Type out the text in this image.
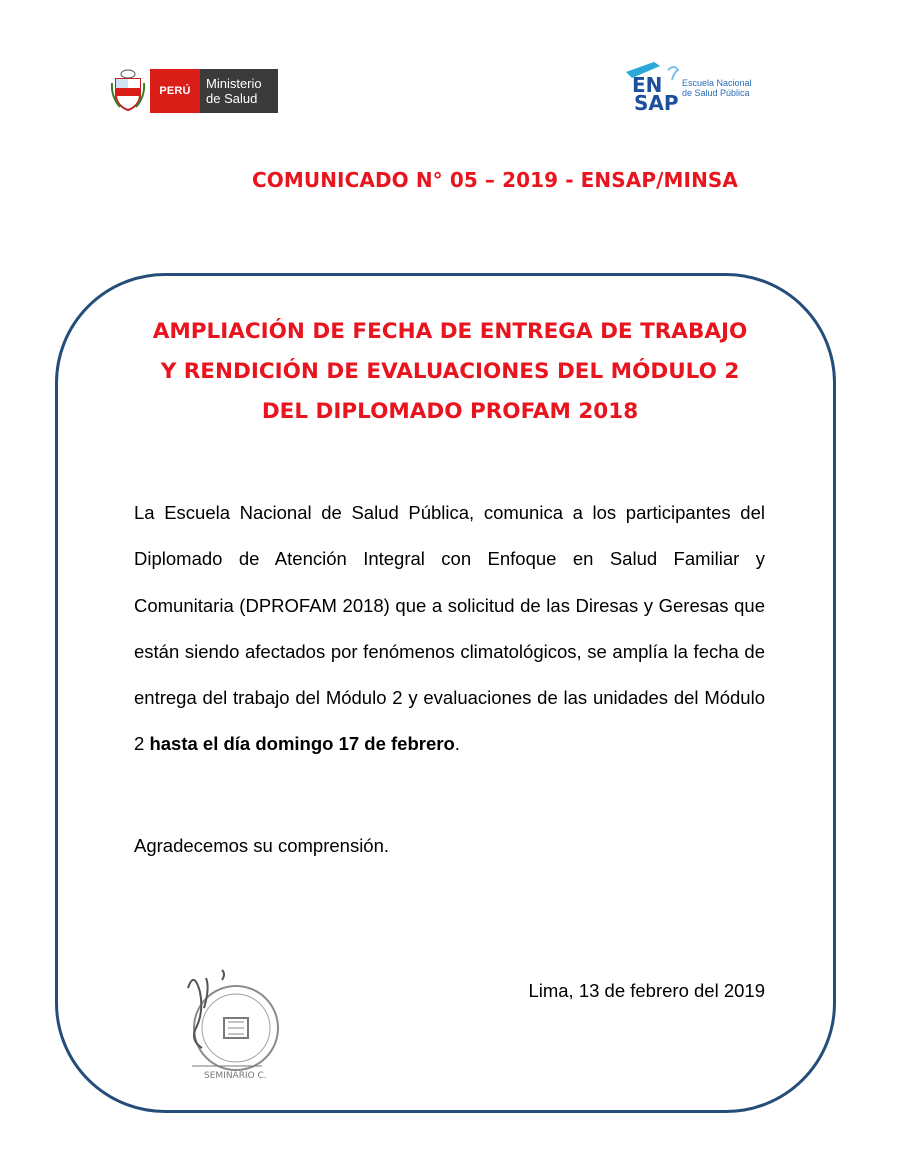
PERÚ	Ministerio
de Salud
EN
SAP
Escuela Nacional
de Salud Pública
COMUNICADO N° 05 – 2019 - ENSAP/MINSA
AMPLIACIÓN DE FECHA DE ENTREGA DE TRABAJO
Y RENDICIÓN DE EVALUACIONES DEL MÓDULO 2
DEL DIPLOMADO PROFAM 2018

La Escuela Nacional de Salud Pública, comunica a los participantes del Diplomado de Atención Integral con Enfoque en Salud Familiar y Comunitaria (DPROFAM 2018) que a solicitud de las Diresas y Geresas que están siendo afectados por fenómenos climatológicos, se amplía la fecha de entrega del trabajo del Módulo 2 y evaluaciones de las unidades del Módulo 2 hasta el día domingo 17 de febrero.

Agradecemos su comprensión.
SEMINARIO C.
Lima, 13 de febrero del 2019
